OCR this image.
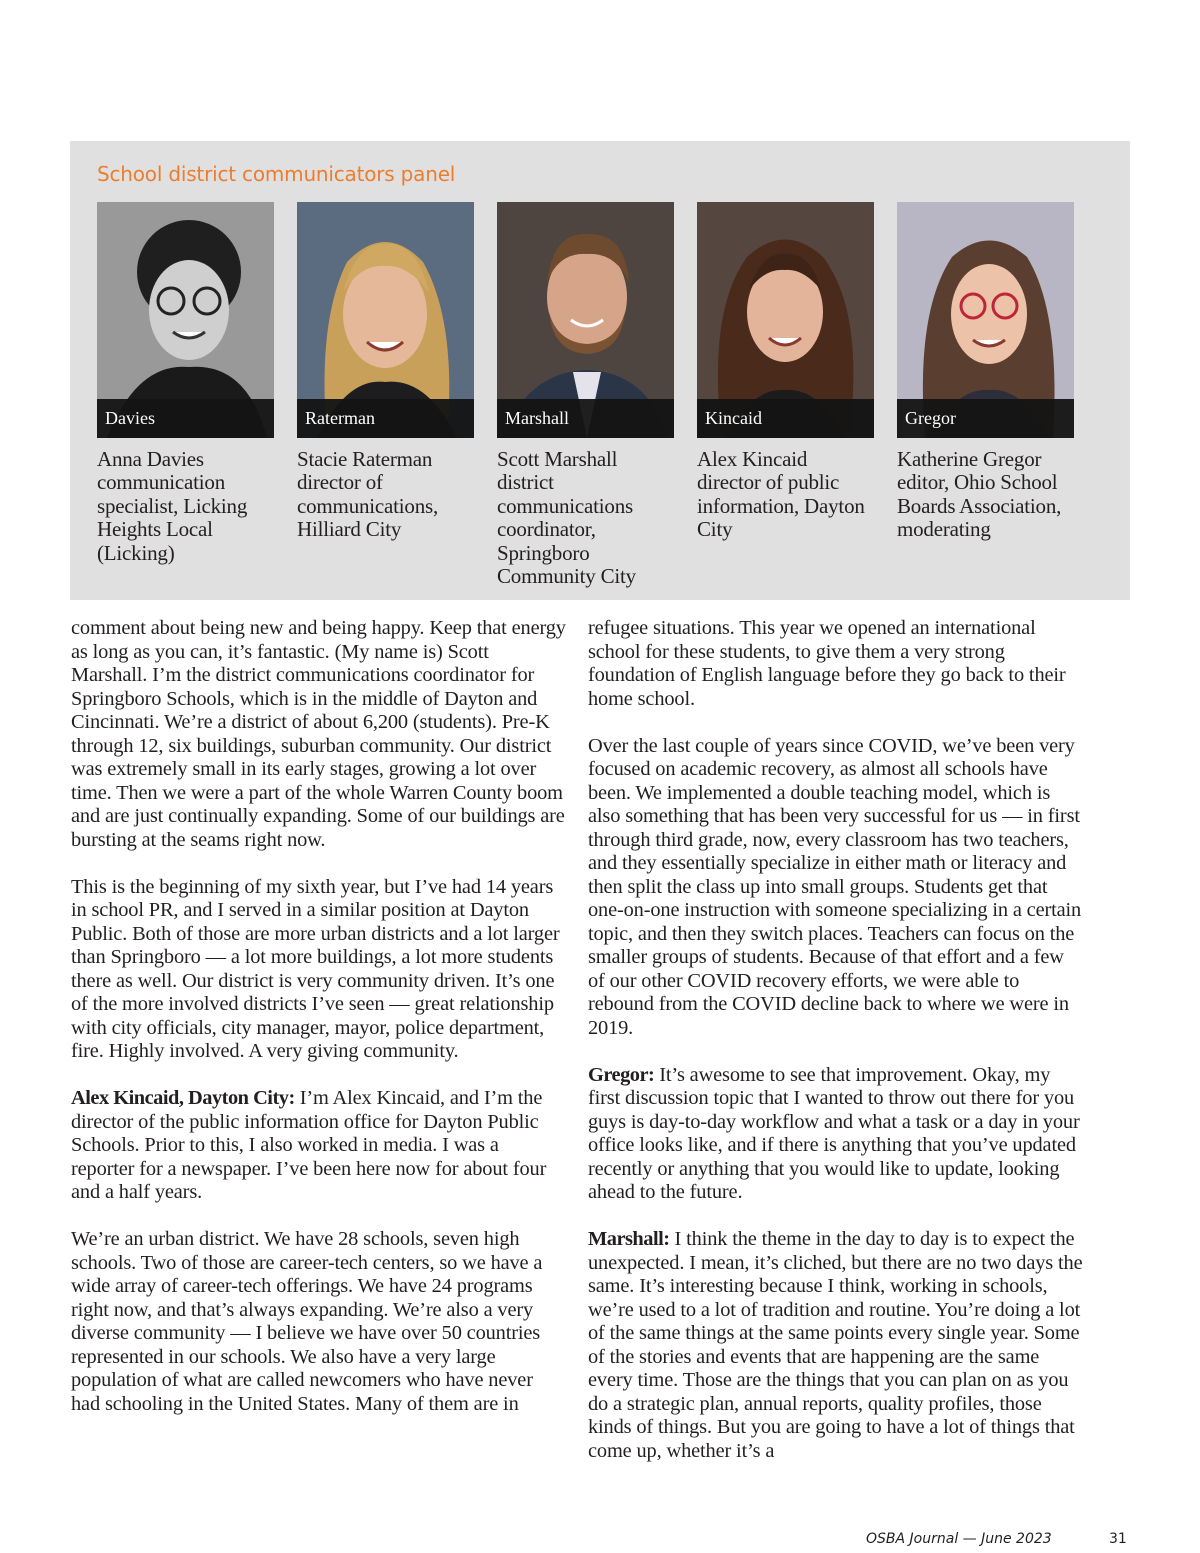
School district communicators panel
Davies
Anna Davies
communication specialist, Licking Heights Local (Licking)
Raterman
Stacie Raterman
director of communications, Hilliard City
Marshall
Scott Marshall
district communications coordinator, Springboro Community City
Kincaid
Alex Kincaid
director of public information, Dayton City
Gregor
Katherine Gregor
editor, Ohio School Boards Association, moderating

comment about being new and being happy. Keep that energy as long as you can, it’s fantastic. (My name is) Scott Marshall. I’m the district communications coordinator for Springboro Schools, which is in the middle of Dayton and Cincinnati. We’re a district of about 6,200 (students). Pre-K through 12, six buildings, suburban community. Our district was extremely small in its early stages, growing a lot over time. Then we were a part of the whole Warren County boom and are just continually expanding. Some of our buildings are bursting at the seams right now.

This is the beginning of my sixth year, but I’ve had 14 years in school PR, and I served in a similar position at Dayton Public. Both of those are more urban districts and a lot larger than Springboro — a lot more buildings, a lot more students there as well. Our district is very community driven. It’s one of the more involved districts I’ve seen — great relationship with city officials, city manager, mayor, police department, fire. Highly involved. A very giving community.

Alex Kincaid, Dayton City: I’m Alex Kincaid, and I’m the director of the public information office for Dayton Public Schools. Prior to this, I also worked in media. I was a reporter for a newspaper. I’ve been here now for about four and a half years.

We’re an urban district. We have 28 schools, seven high schools. Two of those are career-tech centers, so we have a wide array of career-tech offerings. We have 24 programs right now, and that’s always expanding. We’re also a very diverse community — I believe we have over 50 countries represented in our schools. We also have a very large population of what are called newcomers who have never had schooling in the United States. Many of them are in

refugee situations. This year we opened an international school for these students, to give them a very strong foundation of English language before they go back to their home school.

Over the last couple of years since COVID, we’ve been very focused on academic recovery, as almost all schools have been. We implemented a double teaching model, which is also something that has been very successful for us — in first through third grade, now, every classroom has two teachers, and they essentially specialize in either math or literacy and then split the class up into small groups. Students get that one-on-one instruction with someone specializing in a certain topic, and then they switch places. Teachers can focus on the smaller groups of students. Because of that effort and a few of our other COVID recovery efforts, we were able to rebound from the COVID decline back to where we were in 2019.

Gregor: It’s awesome to see that improvement. Okay, my first discussion topic that I wanted to throw out there for you guys is day-to-day workflow and what a task or a day in your office looks like, and if there is anything that you’ve updated recently or anything that you would like to update, looking ahead to the future.

Marshall: I think the theme in the day to day is to expect the unexpected. I mean, it’s cliched, but there are no two days the same. It’s interesting because I think, working in schools, we’re used to a lot of tradition and routine. You’re doing a lot of the same things at the same points every single year. Some of the stories and events that are happening are the same every time. Those are the things that you can plan on as you do a strategic plan, annual reports, quality profiles, those kinds of things. But you are going to have a lot of things that come up, whether it’s a

OSBA Journal — June 2023	31
